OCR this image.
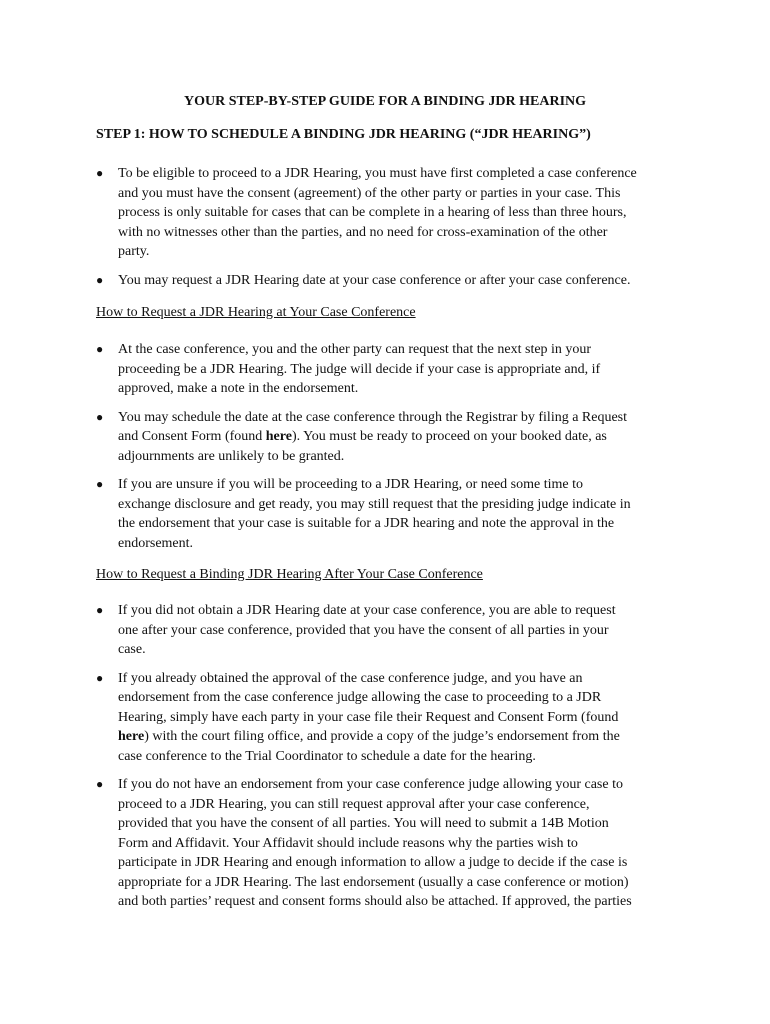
YOUR STEP-BY-STEP GUIDE FOR A BINDING JDR HEARING
STEP 1: HOW TO SCHEDULE A BINDING JDR HEARING (“JDR HEARING”)
● To be eligible to proceed to a JDR Hearing, you must have first completed a case conference
and you must have the consent (agreement) of the other party or parties in your case. This
process is only suitable for cases that can be complete in a hearing of less than three hours,
with no witnesses other than the parties, and no need for cross-examination of the other
party.
● You may request a JDR Hearing date at your case conference or after your case conference.
How to Request a JDR Hearing at Your Case Conference
● At the case conference, you and the other party can request that the next step in your
proceeding be a JDR Hearing. The judge will decide if your case is appropriate and, if
approved, make a note in the endorsement.
● You may schedule the date at the case conference through the Registrar by filing a Request
and Consent Form (found here). You must be ready to proceed on your booked date, as
adjournments are unlikely to be granted.
● If you are unsure if you will be proceeding to a JDR Hearing, or need some time to
exchange disclosure and get ready, you may still request that the presiding judge indicate in
the endorsement that your case is suitable for a JDR hearing and note the approval in the
endorsement.
How to Request a Binding JDR Hearing After Your Case Conference
● If you did not obtain a JDR Hearing date at your case conference, you are able to request
one after your case conference, provided that you have the consent of all parties in your
case.
● If you already obtained the approval of the case conference judge, and you have an
endorsement from the case conference judge allowing the case to proceeding to a JDR
Hearing, simply have each party in your case file their Request and Consent Form (found
here) with the court filing office, and provide a copy of the judge’s endorsement from the
case conference to the Trial Coordinator to schedule a date for the hearing.
● If you do not have an endorsement from your case conference judge allowing your case to
proceed to a JDR Hearing, you can still request approval after your case conference,
provided that you have the consent of all parties. You will need to submit a 14B Motion
Form and Affidavit. Your Affidavit should include reasons why the parties wish to
participate in JDR Hearing and enough information to allow a judge to decide if the case is
appropriate for a JDR Hearing. The last endorsement (usually a case conference or motion)
and both parties’ request and consent forms should also be attached. If approved, the parties
